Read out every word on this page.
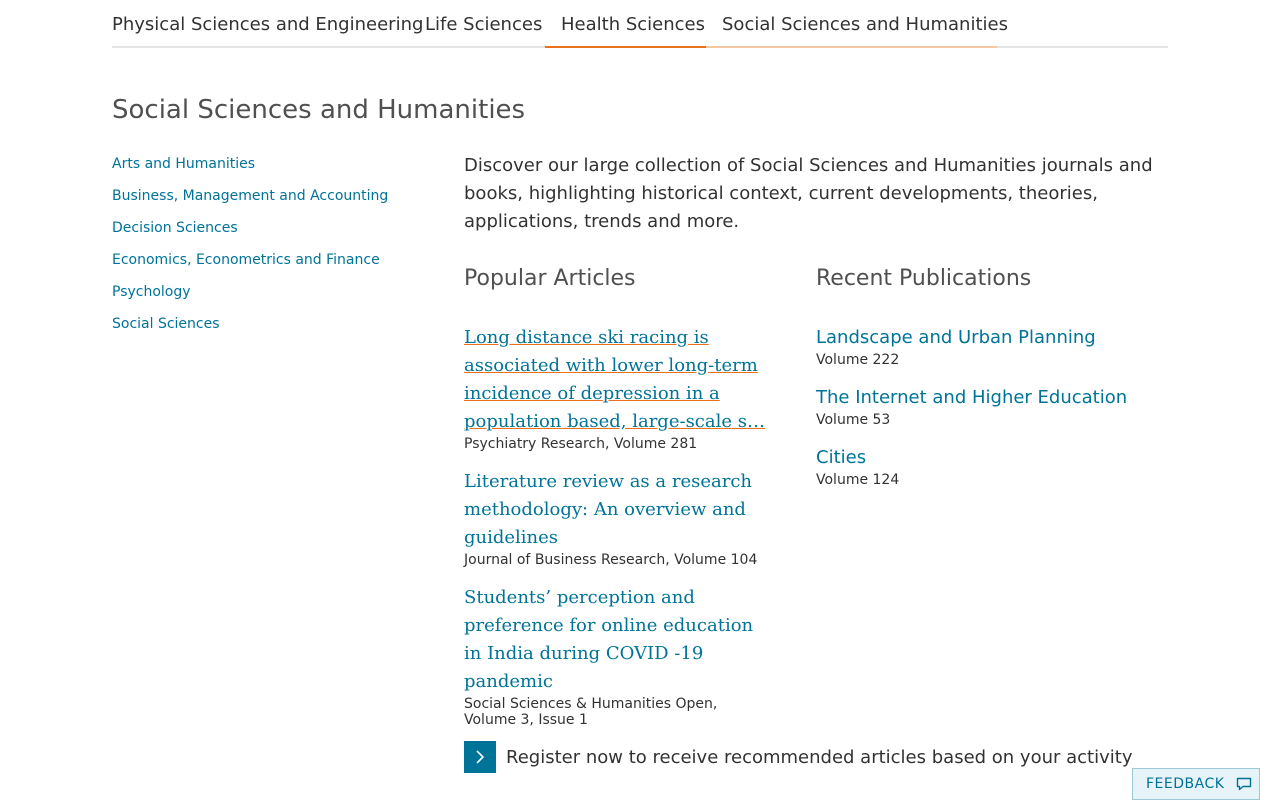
Physical Sciences and Engineering Life Sciences	Health Sciences Social Sciences and Humanities
Social Sciences and Humanities
Arts and Humanities
Business, Management and Accounting
Decision Sciences
Economics, Econometrics and Finance
Psychology
Social Sciences

Discover our large collection of Social Sciences and Humanities journals and books, highlighting historical context, current developments, theories, applications, trends and more.

Popular Articles	Recent Publications
Long distance ski racing is associated with lower long-term incidence of depression in a population based, large-scale s…
Psychiatry Research, Volume 281
Literature review as a research methodology: An overview and guidelines
Journal of Business Research, Volume 104
Students’ perception and preference for online education in India during COVID -19 pandemic
Social Sciences & Humanities Open, Volume 3, Issue 1
Landscape and Urban Planning
Volume 222
The Internet and Higher Education
Volume 53
Cities
Volume 124
Register now to receive recommended articles based on your activity
FEEDBACK
